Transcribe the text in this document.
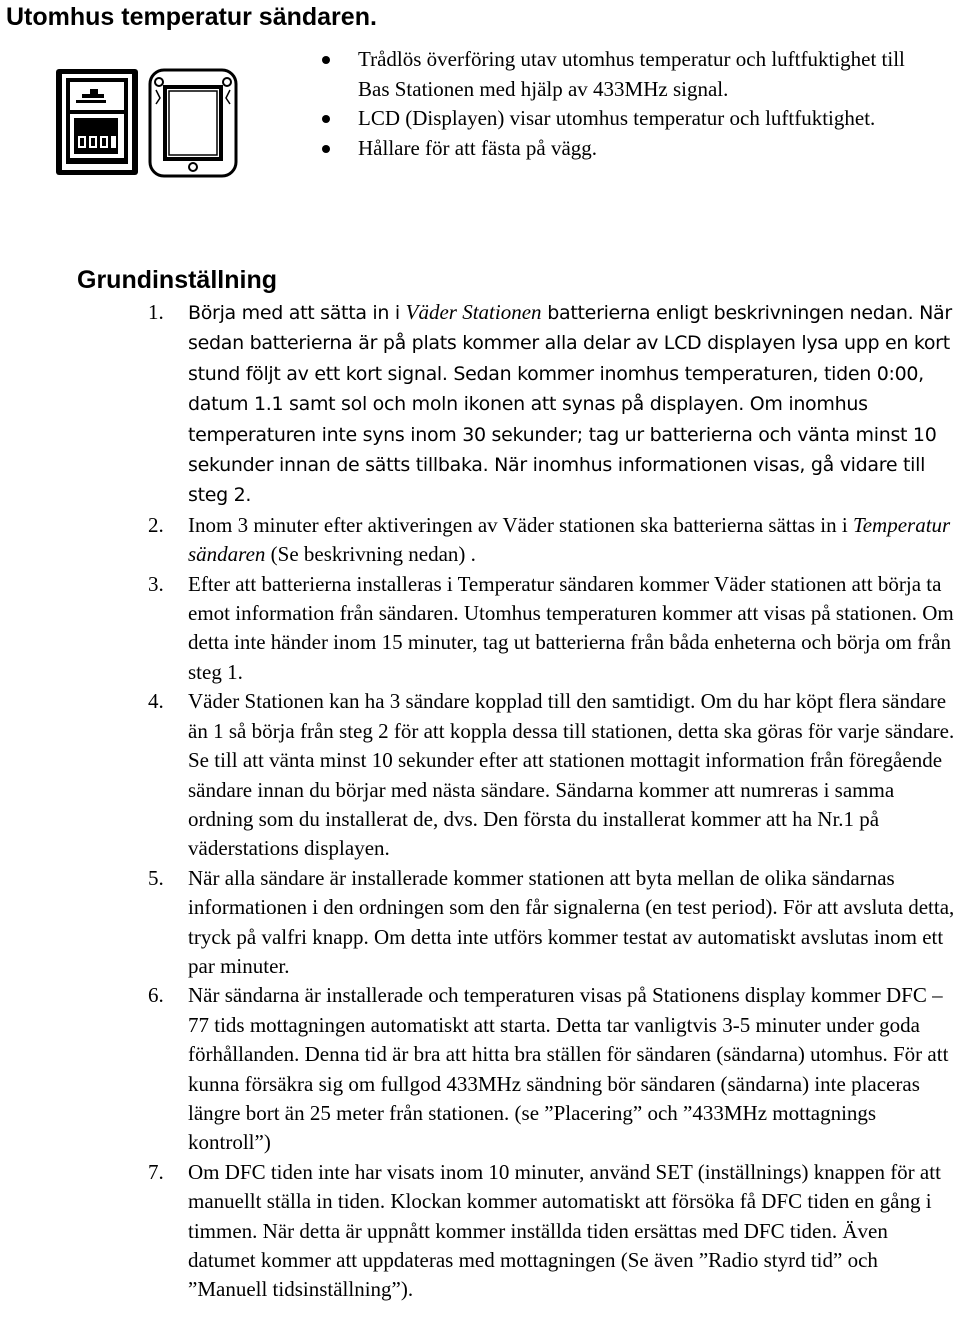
Utomhus temperatur sändaren.
Trådlös överföring utav utomhus temperatur och luftfuktighet till Bas Stationen med hjälp av 433MHz signal.
LCD (Displayen) visar utomhus temperatur och luftfuktighet.
Hållare för att fästa på vägg.
Grundinställning
1. Börja med att sätta in i Väder Stationen batterierna enligt beskrivningen nedan. När sedan batterierna är på plats kommer alla delar av LCD displayen lysa upp en kort stund följt av ett kort signal. Sedan kommer inomhus temperaturen, tiden 0:00, datum 1.1 samt sol och moln ikonen att synas på displayen. Om inomhus temperaturen inte syns inom 30 sekunder; tag ur batterierna och vänta minst 10 sekunder innan de sätts tillbaka. När inomhus informationen visas, gå vidare till steg 2.
2. Inom 3 minuter efter aktiveringen av Väder stationen ska batterierna sättas in i Temperatur sändaren (Se beskrivning nedan) .
3. Efter att batterierna installeras i Temperatur sändaren kommer Väder stationen att börja ta emot information från sändaren. Utomhus temperaturen kommer att visas på stationen. Om detta inte händer inom 15 minuter, tag ut batterierna från båda enheterna och börja om från steg 1.
4. Väder Stationen kan ha 3 sändare kopplad till den samtidigt. Om du har köpt flera sändare än 1 så börja från steg 2 för att koppla dessa till stationen, detta ska göras för varje sändare. Se till att vänta minst 10 sekunder efter att stationen mottagit information från föregående sändare innan du börjar med nästa sändare. Sändarna kommer att numreras i samma ordning som du installerat de, dvs. Den första du installerat kommer att ha Nr.1 på väderstations displayen.
5. När alla sändare är installerade kommer stationen att byta mellan de olika sändarnas informationen i den ordningen som den får signalerna (en test period). För att avsluta detta, tryck på valfri knapp. Om detta inte utförs kommer testat av automatiskt avslutas inom ett par minuter.
6. När sändarna är installerade och temperaturen visas på Stationens display kommer DFC – 77 tids mottagningen automatiskt att starta. Detta tar vanligtvis 3-5 minuter under goda förhållanden. Denna tid är bra att hitta bra ställen för sändaren (sändarna) utomhus. För att kunna försäkra sig om fullgod 433MHz sändning bör sändaren (sändarna) inte placeras längre bort än 25 meter från stationen. (se ”Placering” och ”433MHz mottagnings kontroll”)
7. Om DFC tiden inte har visats inom 10 minuter, använd SET (inställnings) knappen för att manuellt ställa in tiden. Klockan kommer automatiskt att försöka få DFC tiden en gång i timmen. När detta är uppnått kommer inställda tiden ersättas med DFC tiden. Även datumet kommer att uppdateras med mottagningen (Se även ”Radio styrd tid” och ”Manuell tidsinställning”).
